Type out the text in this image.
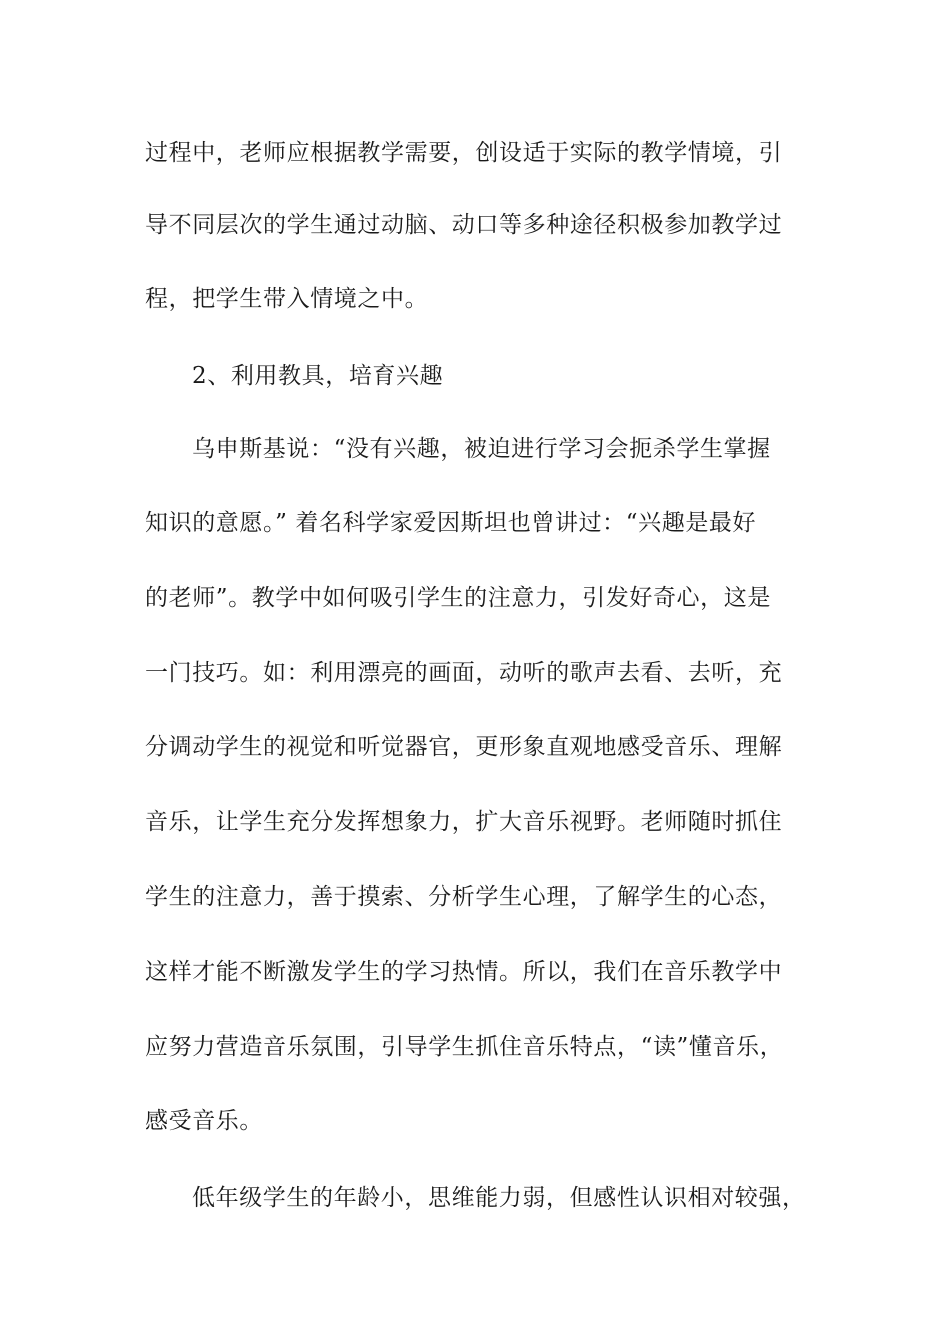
过程中，老师应根据教学需要，创设适于实际的教学情境，引
导不同层次的学生通过动脑、动口等多种途径积极参加教学过
程，把学生带入情境之中。
2、利用教具，培育兴趣
乌申斯基说：“没有兴趣，被迫进行学习会扼杀学生掌握
知识的意愿。” 着名科学家爱因斯坦也曾讲过：“兴趣是最好
的老师”。教学中如何吸引学生的注意力，引发好奇心，这是
一门技巧。如：利用漂亮的画面，动听的歌声去看、去听，充
分调动学生的视觉和听觉器官，更形象直观地感受音乐、理解
音乐，让学生充分发挥想象力，扩大音乐视野。老师随时抓住
学生的注意力，善于摸索、分析学生心理，了解学生的心态，
这样才能不断激发学生的学习热情。所以，我们在音乐教学中
应努力营造音乐氛围，引导学生抓住音乐特点，“读”懂音乐，
感受音乐。
低年级学生的年龄小，思维能力弱，但感性认识相对较强，
